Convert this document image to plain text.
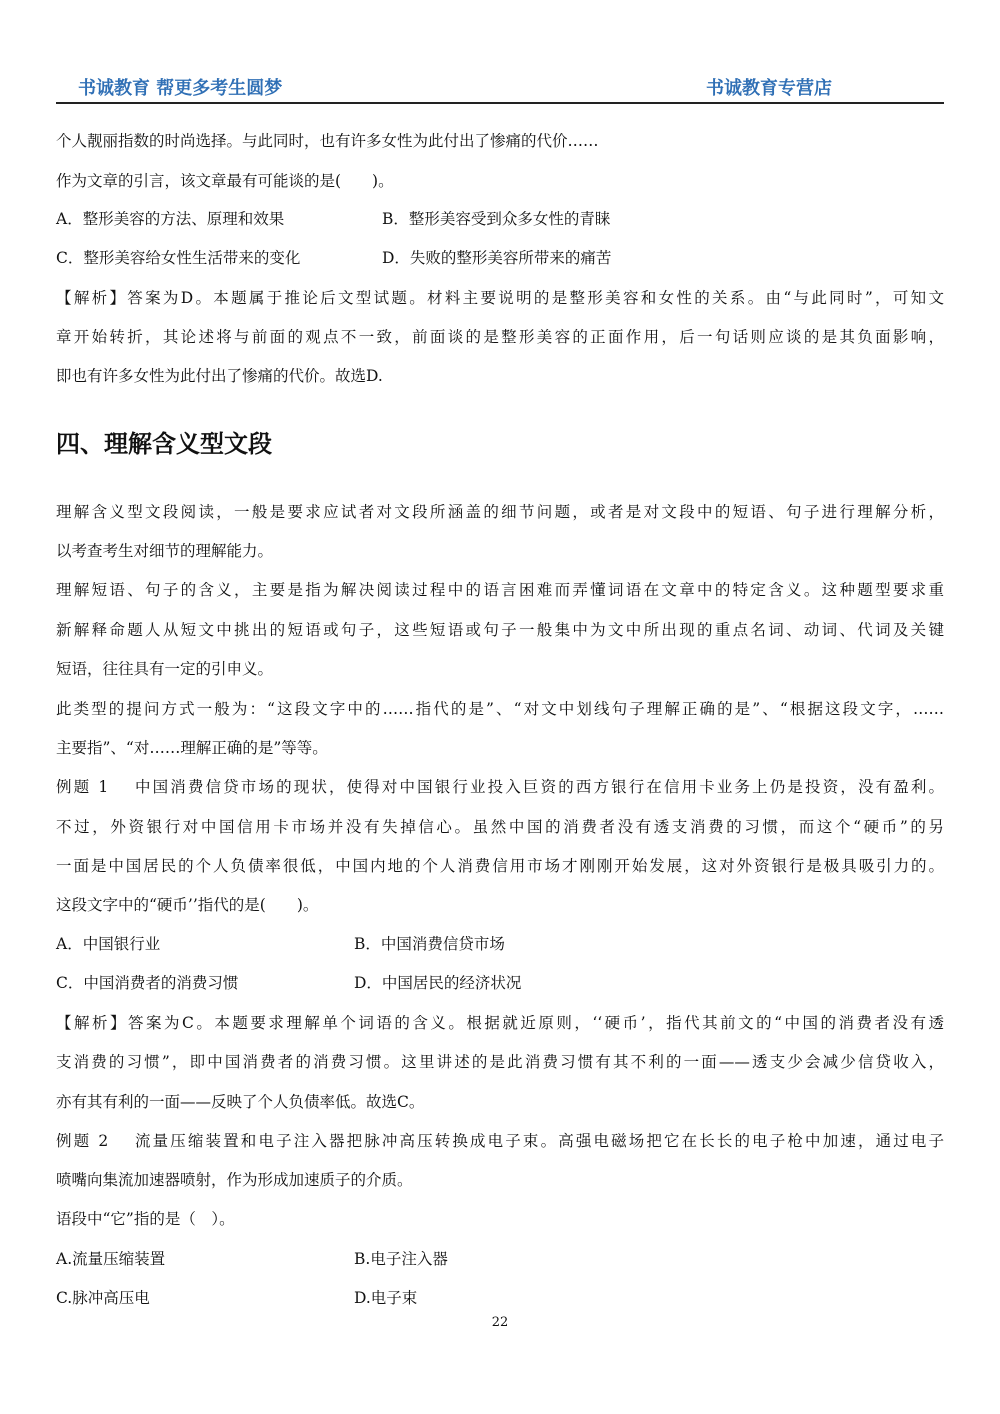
书诚教育 帮更多考生圆梦	书诚教育专营店
个人靓丽指数的时尚选择。与此同时，也有许多女性为此付出了惨痛的代价……
作为文章的引言，该文章最有可能谈的是(　　)。
A．整形美容的方法、原理和效果	B．整形美容受到众多女性的青睐
C．整形美容给女性生活带来的变化	D．失败的整形美容所带来的痛苦
【解析】答案为D。本题属于推论后文型试题。材料主要说明的是整形美容和女性的关系。由“与此同时”，可知文
章开始转折，其论述将与前面的观点不一致，前面谈的是整形美容的正面作用，后一句话则应谈的是其负面影响，
即也有许多女性为此付出了惨痛的代价。故选D.
四、理解含义型文段
理解含义型文段阅读，一般是要求应试者对文段所涵盖的细节问题，或者是对文段中的短语、句子进行理解分析，
以考查考生对细节的理解能力。
理解短语、句子的含义，主要是指为解决阅读过程中的语言困难而弄懂词语在文章中的特定含义。这种题型要求重
新解释命题人从短文中挑出的短语或句子，这些短语或句子一般集中为文中所出现的重点名词、动词、代词及关键
短语，往往具有一定的引申义。
此类型的提问方式一般为：“这段文字中的……指代的是”、“对文中划线句子理解正确的是”、“根据这段文字，……
主要指”、“对……理解正确的是”等等。
例题 1　 中国消费信贷市场的现状，使得对中国银行业投入巨资的西方银行在信用卡业务上仍是投资，没有盈利。
不过，外资银行对中国信用卡市场并没有失掉信心。虽然中国的消费者没有透支消费的习惯，而这个“硬币”的另
一面是中国居民的个人负债率很低，中国内地的个人消费信用市场才刚刚开始发展，这对外资银行是极具吸引力的。
这段文字中的“硬币’’指代的是(　　)。
A．中国银行业	B．中国消费信贷市场
C．中国消费者的消费习惯	D．中国居民的经济状况
【解析】答案为C。本题要求理解单个词语的含义。根据就近原则，‘‘硬币’，指代其前文的“中国的消费者没有透
支消费的习惯”，即中国消费者的消费习惯。这里讲述的是此消费习惯有其不利的一面——透支少会减少信贷收入，
亦有其有利的一面——反映了个人负债率低。故选C。
例题 2　 流量压缩装置和电子注入器把脉冲高压转换成电子束。高强电磁场把它在长长的电子枪中加速，通过电子
喷嘴向集流加速器喷射，作为形成加速质子的介质。
语段中“它”指的是（　）。
A.流量压缩装置	B.电子注入器
C.脉冲高压电	D.电子束
22
